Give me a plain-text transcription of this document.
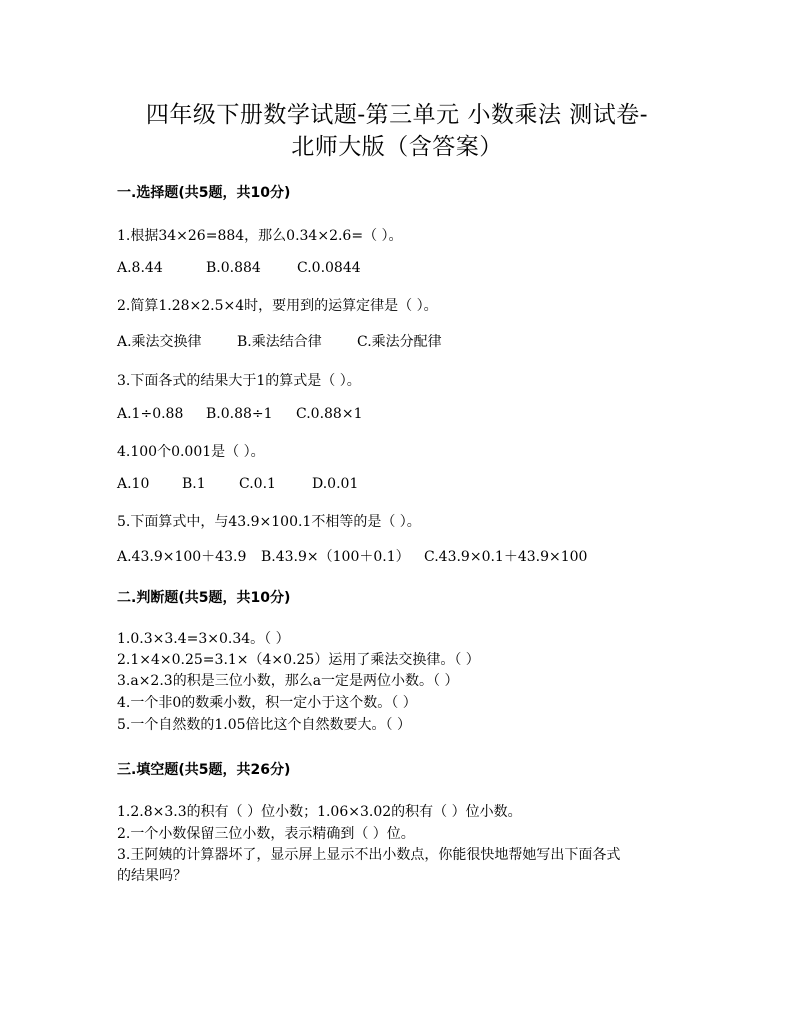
四年级下册数学试题-第三单元 小数乘法 测试卷-
北师大版（含答案）
一.选择题(共5题，共10分)
1.根据34×26=884，那么0.34×2.6=（ ）。
A.8.44	B.0.884	C.0.0844
2.简算1.28×2.5×4时，要用到的运算定律是（ ）。
A.乘法交换律	B.乘法结合律	C.乘法分配律
3.下面各式的结果大于1的算式是（ ）。
A.1÷0.88 B.0.88÷1 C.0.88×1
4.100个0.001是（ ）。
A.10 B.1 C.0.1	D.0.01
5.下面算式中，与43.9×100.1不相等的是（ ）。
A.43.9×100＋43.9 B.43.9×（100＋0.1） C.43.9×0.1＋43.9×100
二.判断题(共5题，共10分)
1.0.3×3.4=3×0.34。（ ）
2.1×4×0.25=3.1×（4×0.25）运用了乘法交换律。（ ）
3.a×2.3的积是三位小数，那么a一定是两位小数。（ ）
4.一个非0的数乘小数，积一定小于这个数。（ ）
5.一个自然数的1.05倍比这个自然数要大。（ ）
三.填空题(共5题，共26分)
1.2.8×3.3的积有（ ）位小数；1.06×3.02的积有（ ）位小数。
2.一个小数保留三位小数，表示精确到（ ）位。
3.王阿姨的计算器坏了，显示屏上显示不出小数点，你能很快地帮她写出下面各式
的结果吗？
